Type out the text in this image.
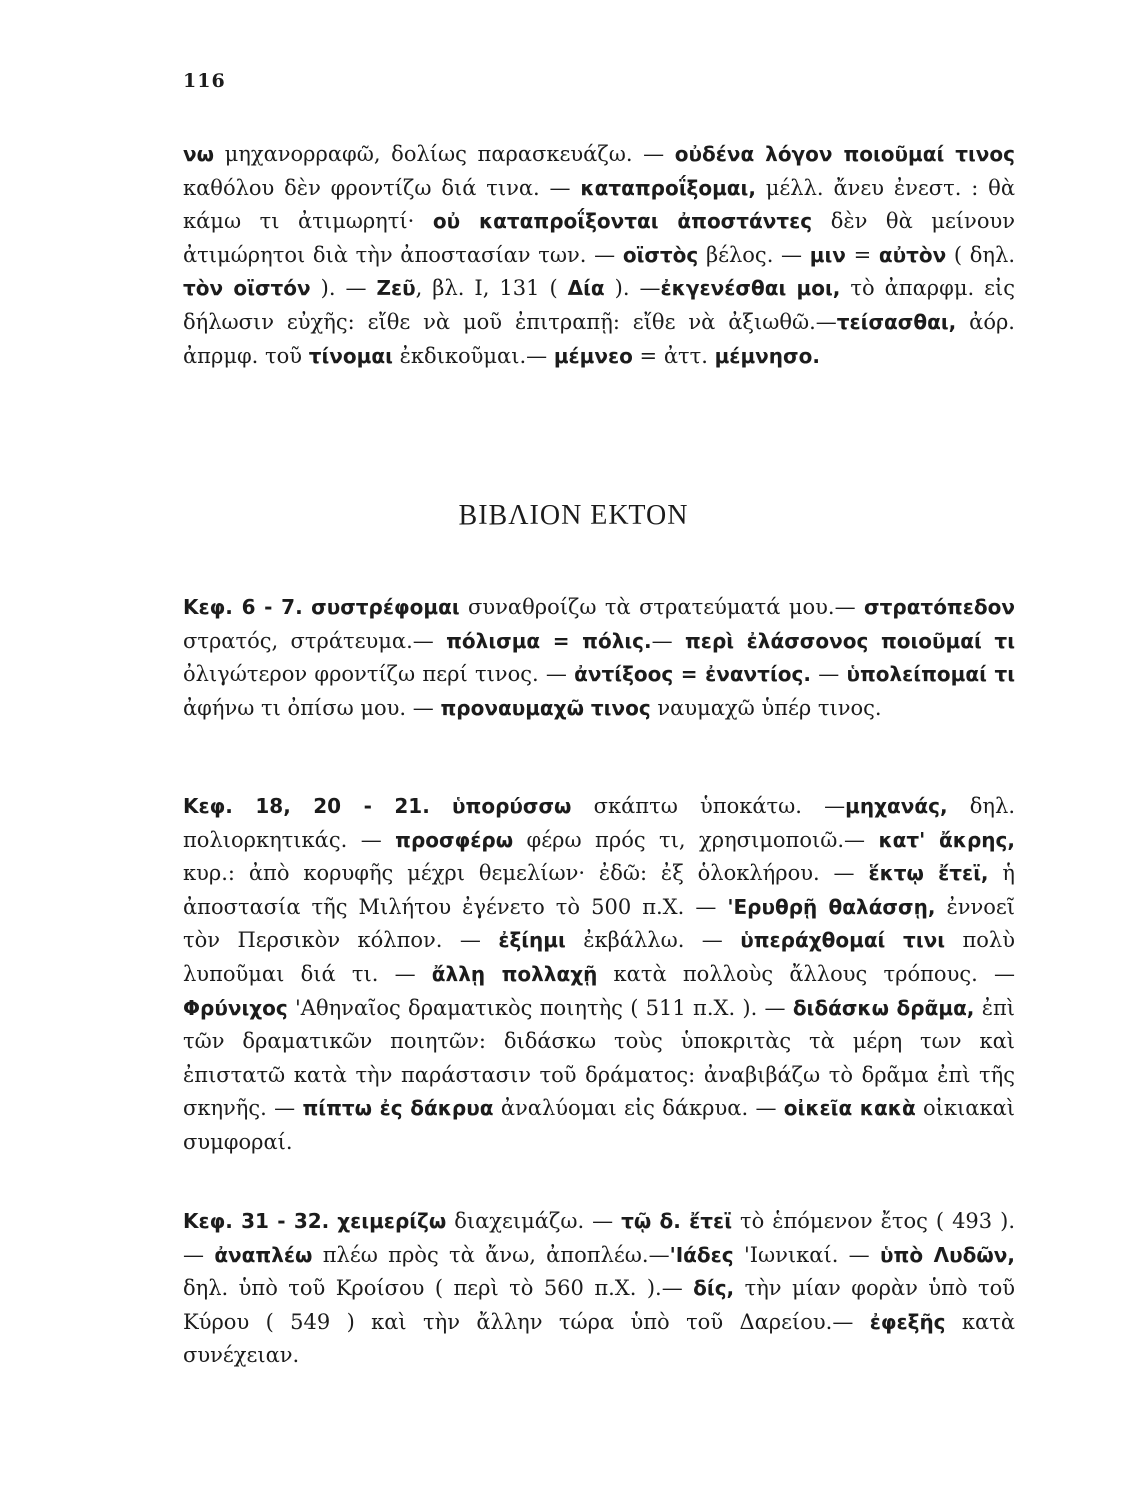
116
νω μηχανορραφῶ, δολίως παρασκευάζω. — οὐδένα λόγον ποιοῦμαί τινος καθόλου δὲν φροντίζω διά τινα. — καταπροΐξομαι, μέλλ. ἄνευ ἐνεστ. : θὰ κάμω τι ἀτιμωρητί· οὐ καταπροΐξονται ἀποστάντες δὲν θὰ μείνουν ἀτιμώρητοι διὰ τὴν ἀποστασίαν των. — οϊστὸς βέλος. — μιν = αὐτὸν ( δηλ. τὸν οϊστόν ). — Ζεῦ, βλ. I, 131 ( Δία ). —ἐκγενέσθαι μοι, τὸ ἀπαρφμ. εἰς δήλωσιν εὐχῆς: εἴθε νὰ μοῦ ἐπιτραπῇ: εἴθε νὰ ἀξιωθῶ.—τείσασθαι, ἀόρ. ἀπρμφ. τοῦ τίνομαι ἐκδικοῦμαι.— μέμνεο = ἀττ. μέμνησο.
ΒΙΒΛΙΟΝ ΕΚΤΟΝ
Κεφ. 6 - 7. συστρέφομαι συναθροίζω τὰ στρατεύματά μου.— στρατόπεδον στρατός, στράτευμα.— πόλισμα = πόλις.— περὶ ἐλάσσονος ποιοῦμαί τι ὀλιγώτερον φροντίζω περί τινος. — ἀντίξοος = ἐναντίος. — ὑπολείπομαί τι ἀφήνω τι ὀπίσω μου. — προναυμαχῶ τινος ναυμαχῶ ὑπέρ τινος.
Κεφ. 18, 20 - 21. ὑπορύσσω σκάπτω ὑποκάτω. —μηχανάς, δηλ. πολιορκητικάς. — προσφέρω φέρω πρός τι, χρησιμοποιῶ.— κατ' ἄκρης, κυρ.: ἀπὸ κορυφῆς μέχρι θεμελίων· ἐδῶ: ἐξ ὁλοκλήρου. — ἕκτῳ ἔτεϊ, ἡ ἀποστασία τῆς Μιλήτου ἐγένετο τὸ 500 π.Χ. — 'Ερυθρῇ θαλάσσῃ, ἐννοεῖ τὸν Περσικὸν κόλπον. — ἐξίημι ἐκβάλλω. — ὑπεράχθομαί τινι πολὺ λυποῦμαι διά τι. — ἄλλῃ πολλαχῇ κατὰ πολλοὺς ἄλλους τρόπους. — Φρύνιχος 'Αθηναῖος δραματικὸς ποιητὴς ( 511 π.Χ. ). — διδάσκω δρᾶμα, ἐπὶ τῶν δραματικῶν ποιητῶν: διδάσκω τοὺς ὑποκριτὰς τὰ μέρη των καὶ ἐπιστατῶ κατὰ τὴν παράστασιν τοῦ δράματος: ἀναβιβάζω τὸ δρᾶμα ἐπὶ τῆς σκηνῆς. — πίπτω ἐς δάκρυα ἀναλύομαι εἰς δάκρυα. — οἰκεῖα κακὰ οἰκιακαὶ συμφοραί.
Κεφ. 31 - 32. χειμερίζω διαχειμάζω. — τῷ δ. ἔτεϊ τὸ ἑπόμενον ἔτος ( 493 ). — ἀναπλέω πλέω πρὸς τὰ ἄνω, ἀποπλέω.—'Ιάδες 'Ιωνικαί. — ὑπὸ Λυδῶν, δηλ. ὑπὸ τοῦ Κροίσου ( περὶ τὸ 560 π.Χ. ).— δίς, τὴν μίαν φορὰν ὑπὸ τοῦ Κύρου ( 549 ) καὶ τὴν ἄλλην τώρα ὑπὸ τοῦ Δαρείου.— ἐφεξῆς κατὰ συνέχειαν.
